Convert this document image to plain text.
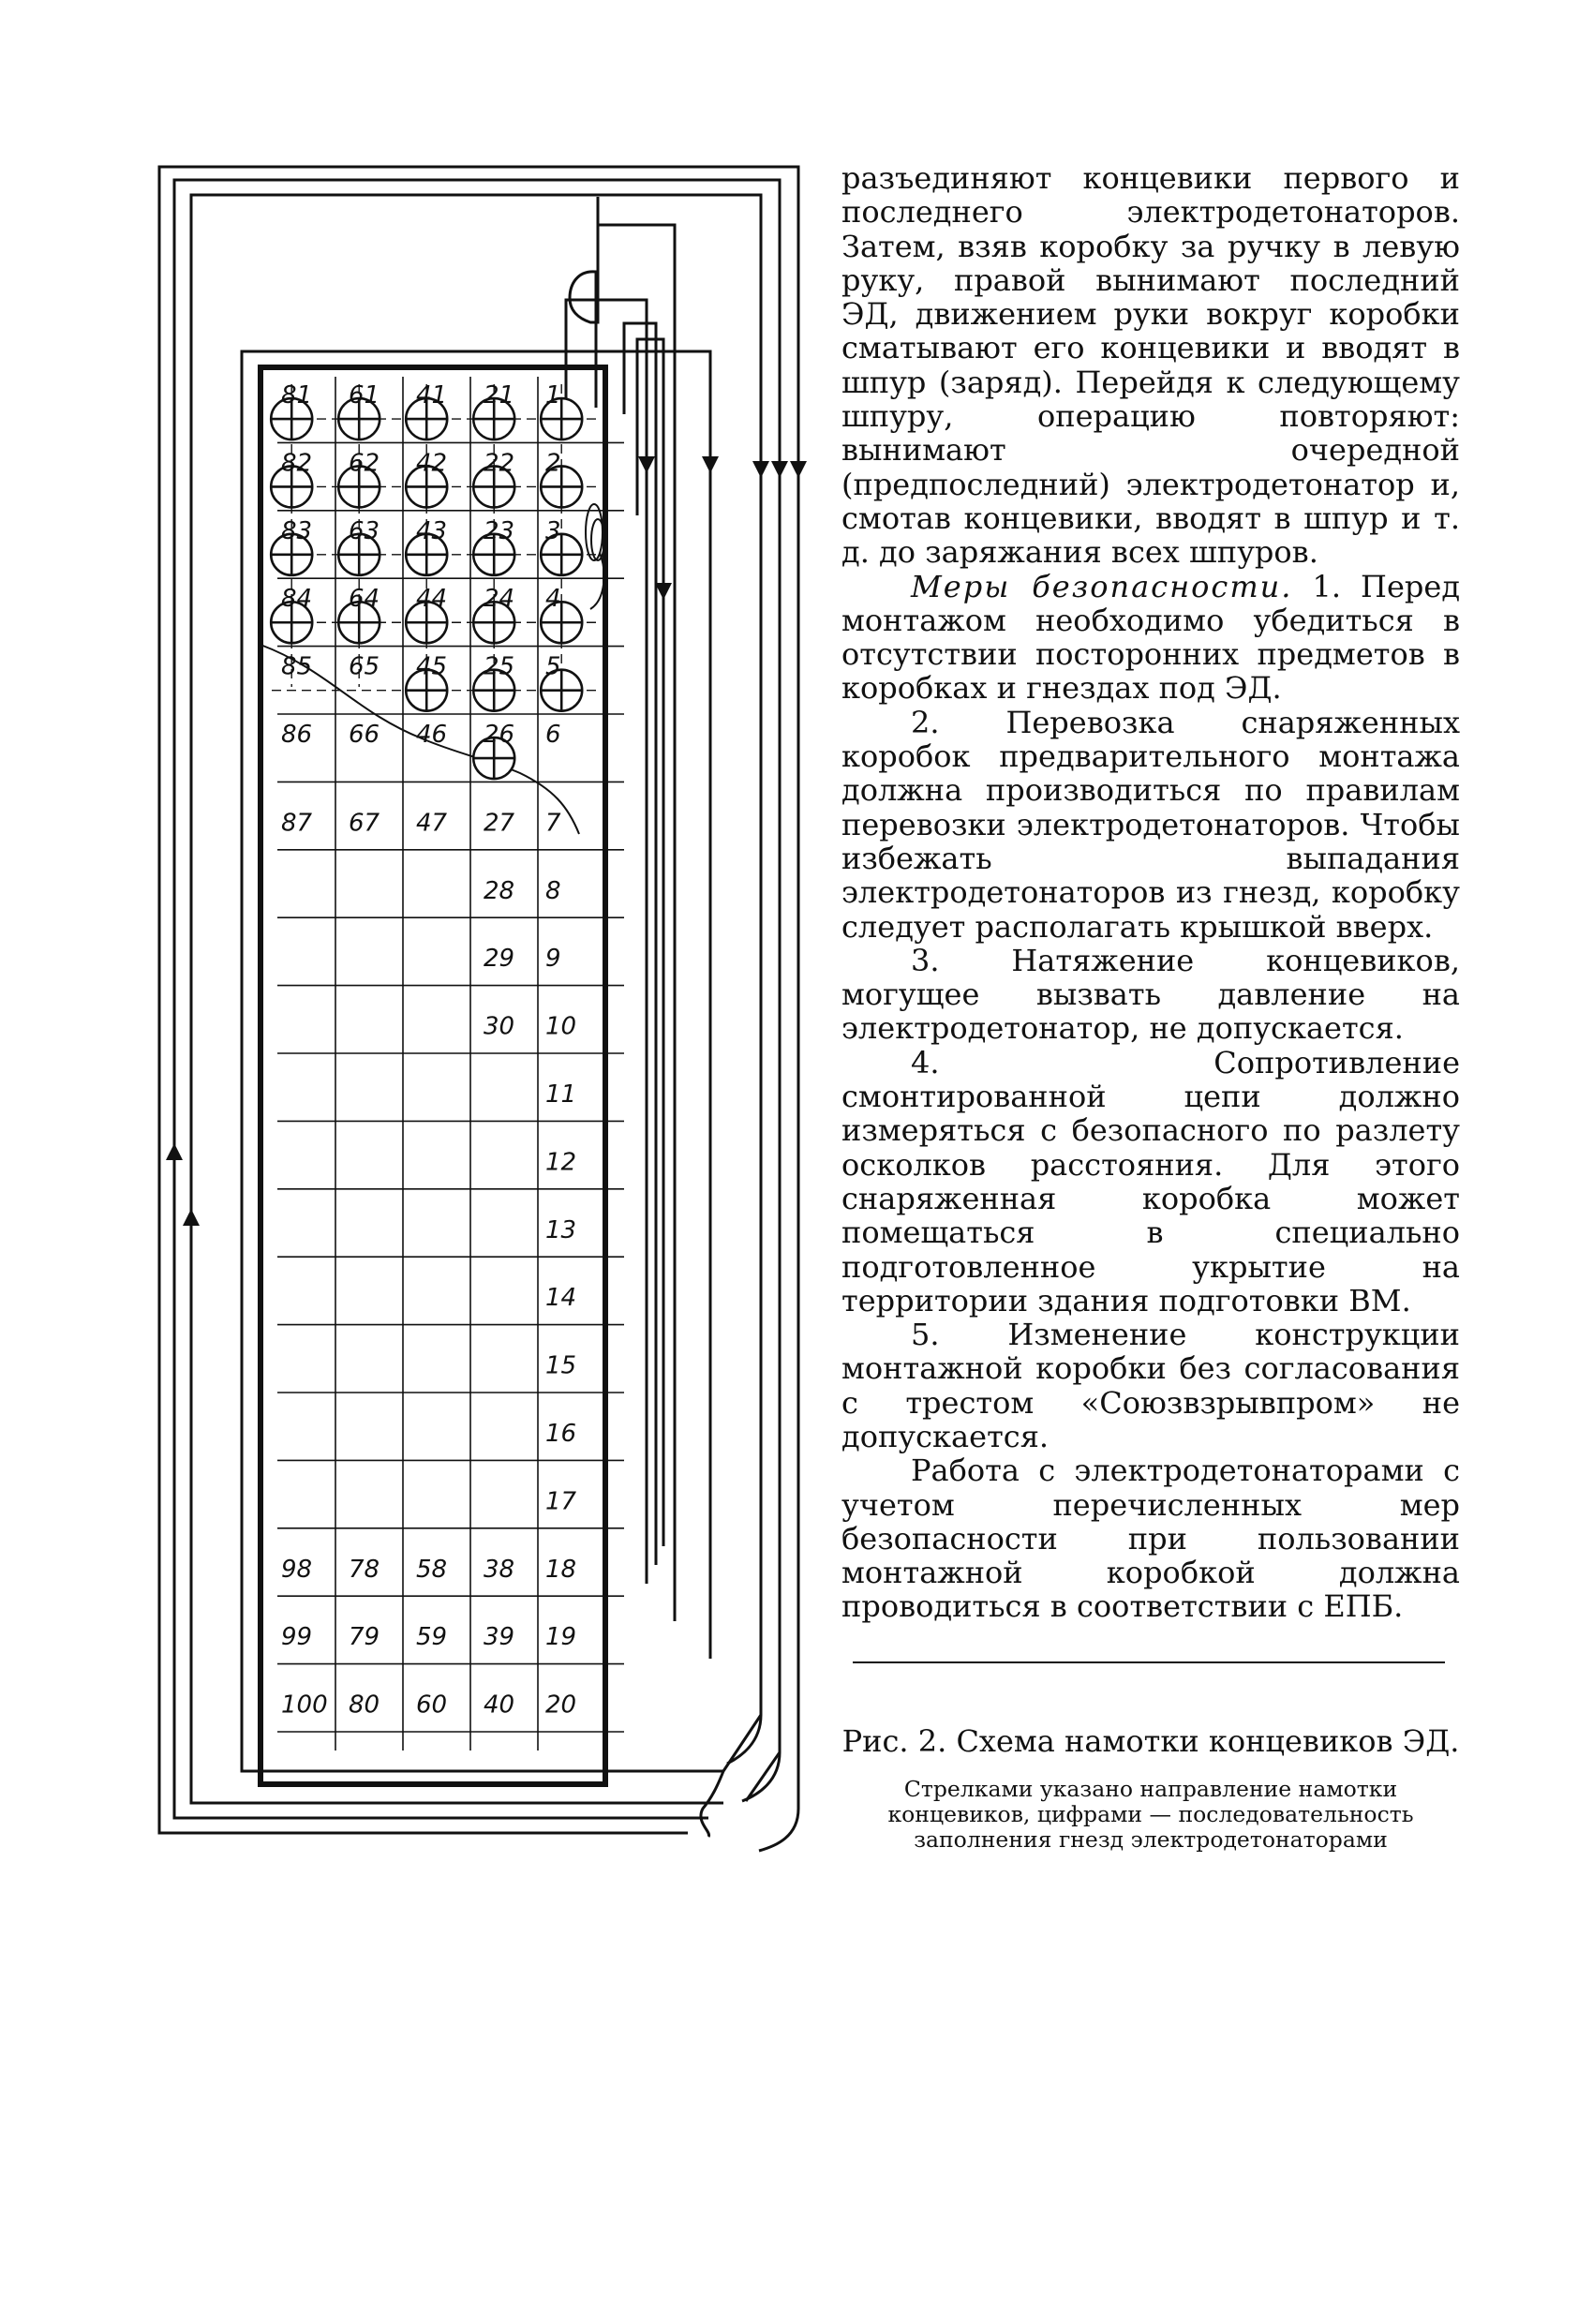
81 61 41 21 1
82 62 42 22 2
83 63 43 23 3
84 64 44 24 4
85 65 45 25 5
86 66 46 26 6
87 67 47 27 7
28 8
29 9
30 10
11
12
13
14
15
16
17
98 78 58 38 18
99 79 59 39 19
100 80 60 40 20

разъединяют концевики первого и последнего электродетонаторов. Затем, взяв коробку за ручку в левую руку, правой вынимают последний ЭД, движением руки вокруг коробки сматывают его концевики и вводят в шпур (заряд). Перейдя к следующему шпуру, операцию повторяют: вынимают очередной (предпоследний) электродетонатор и, смотав концевики, вводят в шпур и т. д. до заряжания всех шпуров.

Меры безопасности. 1. Перед монтажом необходимо убедиться в отсутствии посторонних предметов в коробках и гнездах под ЭД.

2. Перевозка снаряженных коробок предварительного монтажа должна производиться по правилам перевозки электродетонаторов. Чтобы избежать выпадания электродетонаторов из гнезд, коробку следует располагать крышкой вверх.

3. Натяжение концевиков, могущее вызвать давление на электродетонатор, не допускается.

4. Сопротивление смонтированной цепи должно измеряться с безопасного по разлету осколков расстояния. Для этого снаряженная коробка может помещаться в специально подготовленное укрытие на территории здания подготовки ВМ.

5. Изменение конструкции монтажной коробки без согласования с трестом «Союзвзрывпром» не допускается.

Работа с электродетонаторами с учетом перечисленных мер безопасности при пользовании монтажной коробкой должна проводиться в соответствии с ЕПБ.

Рис. 2. Схема намотки концевиков ЭД.
Стрелками указано направление намотки концевиков, цифрами — последовательность заполнения гнезд электродетонаторами
